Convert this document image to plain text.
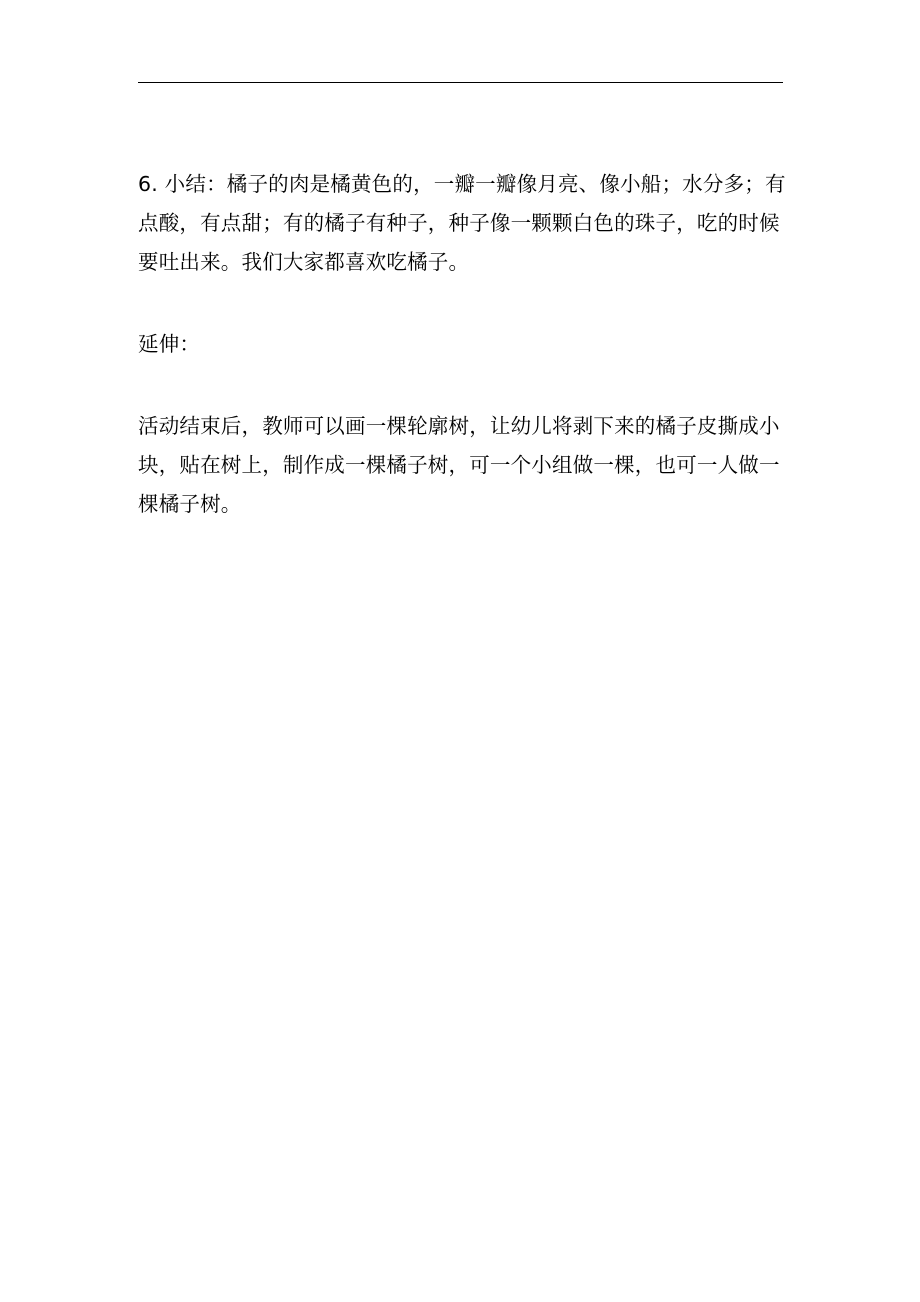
6. 小结：橘子的肉是橘黄色的，一瓣一瓣像月亮、像小船；水分多；有点酸，有点甜；有的橘子有种子，种子像一颗颗白色的珠子，吃的时候要吐出来。我们大家都喜欢吃橘子。

延伸：

活动结束后，教师可以画一棵轮廓树，让幼儿将剥下来的橘子皮撕成小块，贴在树上，制作成一棵橘子树，可一个小组做一棵，也可一人做一棵橘子树。
